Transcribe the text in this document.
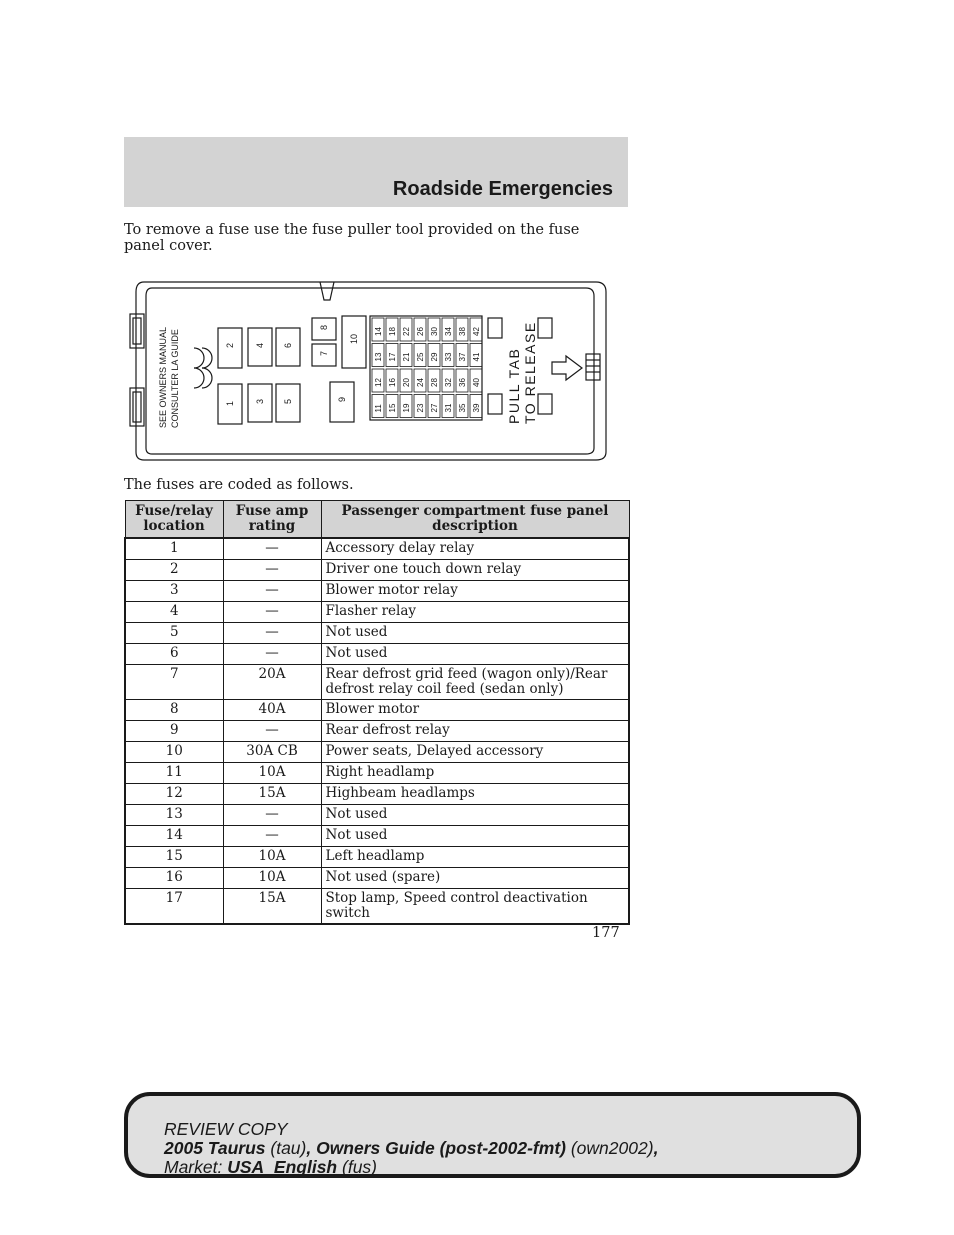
Roadside Emergencies
To remove a fuse use the fuse puller tool provided on the fuse panel cover.
14
13
12
11
18
17
16
15
22
21
20
19
26
25
24
23
30
29
28
27
34
33
32
31
38
37
36
35
42
41
40
39
SEE OWNERS MANUAL CONSULTER LA GUIDE	PULL TAB TO RELEASE
1
2
3
4
5
6
7
8
9
10
The fuses are coded as follows.
Fuse/relay location	Fuse amp rating	Passenger compartment fuse panel description
1	—	Accessory delay relay
2	—	Driver one touch down relay
3	—	Blower motor relay
4	—	Flasher relay
5	—	Not used
6	—	Not used
7	20A	Rear defrost grid feed (wagon only)/Rear defrost relay coil feed (sedan only)
8	40A	Blower motor
9	—	Rear defrost relay
10	30A CB	Power seats, Delayed accessory
11	10A	Right headlamp
12	15A	Highbeam headlamps
13	—	Not used
14	—	Not used
15	10A	Left headlamp
16	10A	Not used (spare)
17	15A	Stop lamp, Speed control deactivation switch
177
REVIEW COPY
2005 Taurus (tau), Owners Guide (post-2002-fmt) (own2002),
Market: USA_English (fus)
